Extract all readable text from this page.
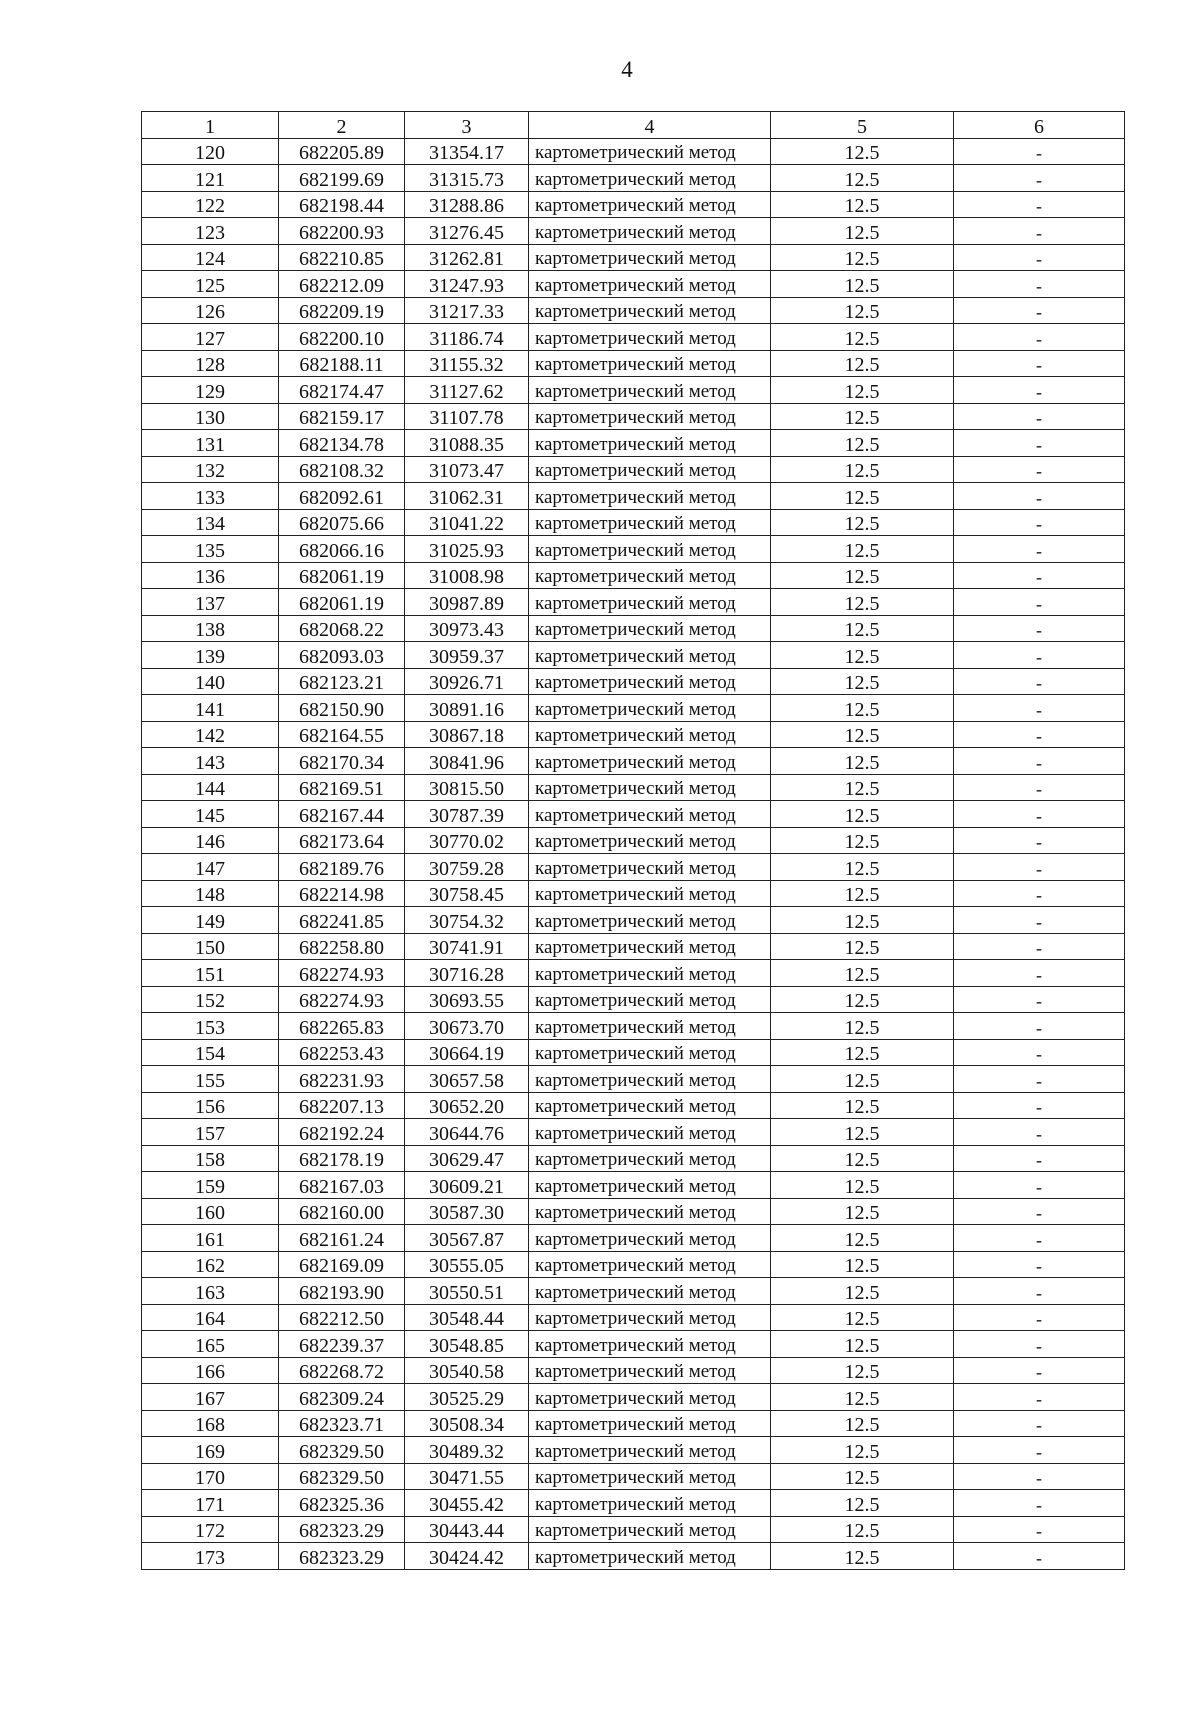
4
1	2	3	4	5	6
120	682205.89	31354.17	картометрический метод	12.5	-
121	682199.69	31315.73	картометрический метод	12.5	-
122	682198.44	31288.86	картометрический метод	12.5	-
123	682200.93	31276.45	картометрический метод	12.5	-
124	682210.85	31262.81	картометрический метод	12.5	-
125	682212.09	31247.93	картометрический метод	12.5	-
126	682209.19	31217.33	картометрический метод	12.5	-
127	682200.10	31186.74	картометрический метод	12.5	-
128	682188.11	31155.32	картометрический метод	12.5	-
129	682174.47	31127.62	картометрический метод	12.5	-
130	682159.17	31107.78	картометрический метод	12.5	-
131	682134.78	31088.35	картометрический метод	12.5	-
132	682108.32	31073.47	картометрический метод	12.5	-
133	682092.61	31062.31	картометрический метод	12.5	-
134	682075.66	31041.22	картометрический метод	12.5	-
135	682066.16	31025.93	картометрический метод	12.5	-
136	682061.19	31008.98	картометрический метод	12.5	-
137	682061.19	30987.89	картометрический метод	12.5	-
138	682068.22	30973.43	картометрический метод	12.5	-
139	682093.03	30959.37	картометрический метод	12.5	-
140	682123.21	30926.71	картометрический метод	12.5	-
141	682150.90	30891.16	картометрический метод	12.5	-
142	682164.55	30867.18	картометрический метод	12.5	-
143	682170.34	30841.96	картометрический метод	12.5	-
144	682169.51	30815.50	картометрический метод	12.5	-
145	682167.44	30787.39	картометрический метод	12.5	-
146	682173.64	30770.02	картометрический метод	12.5	-
147	682189.76	30759.28	картометрический метод	12.5	-
148	682214.98	30758.45	картометрический метод	12.5	-
149	682241.85	30754.32	картометрический метод	12.5	-
150	682258.80	30741.91	картометрический метод	12.5	-
151	682274.93	30716.28	картометрический метод	12.5	-
152	682274.93	30693.55	картометрический метод	12.5	-
153	682265.83	30673.70	картометрический метод	12.5	-
154	682253.43	30664.19	картометрический метод	12.5	-
155	682231.93	30657.58	картометрический метод	12.5	-
156	682207.13	30652.20	картометрический метод	12.5	-
157	682192.24	30644.76	картометрический метод	12.5	-
158	682178.19	30629.47	картометрический метод	12.5	-
159	682167.03	30609.21	картометрический метод	12.5	-
160	682160.00	30587.30	картометрический метод	12.5	-
161	682161.24	30567.87	картометрический метод	12.5	-
162	682169.09	30555.05	картометрический метод	12.5	-
163	682193.90	30550.51	картометрический метод	12.5	-
164	682212.50	30548.44	картометрический метод	12.5	-
165	682239.37	30548.85	картометрический метод	12.5	-
166	682268.72	30540.58	картометрический метод	12.5	-
167	682309.24	30525.29	картометрический метод	12.5	-
168	682323.71	30508.34	картометрический метод	12.5	-
169	682329.50	30489.32	картометрический метод	12.5	-
170	682329.50	30471.55	картометрический метод	12.5	-
171	682325.36	30455.42	картометрический метод	12.5	-
172	682323.29	30443.44	картометрический метод	12.5	-
173	682323.29	30424.42	картометрический метод	12.5	-
